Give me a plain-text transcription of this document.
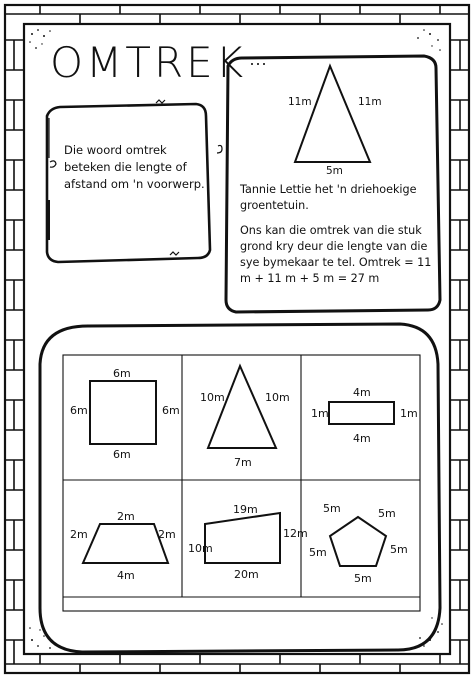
OMTREK
Die woord omtrek beteken die lengte of afstand om 'n voorwerp.
11m	11m
5m

Tannie Lettie het 'n driehoekige groentetuin.

Ons kan die omtrek van die stuk grond kry deur die lengte van die sye bymekaar te tel. Omtrek = 11 m + 11 m + 5 m = 27 m

6m
6m	6m
6m
10m	10m
7m
4m
1m	1m
4m
2m
2m	2m
4m
19m
10m
12m
20m
5m	5m
5m	5m
5m
